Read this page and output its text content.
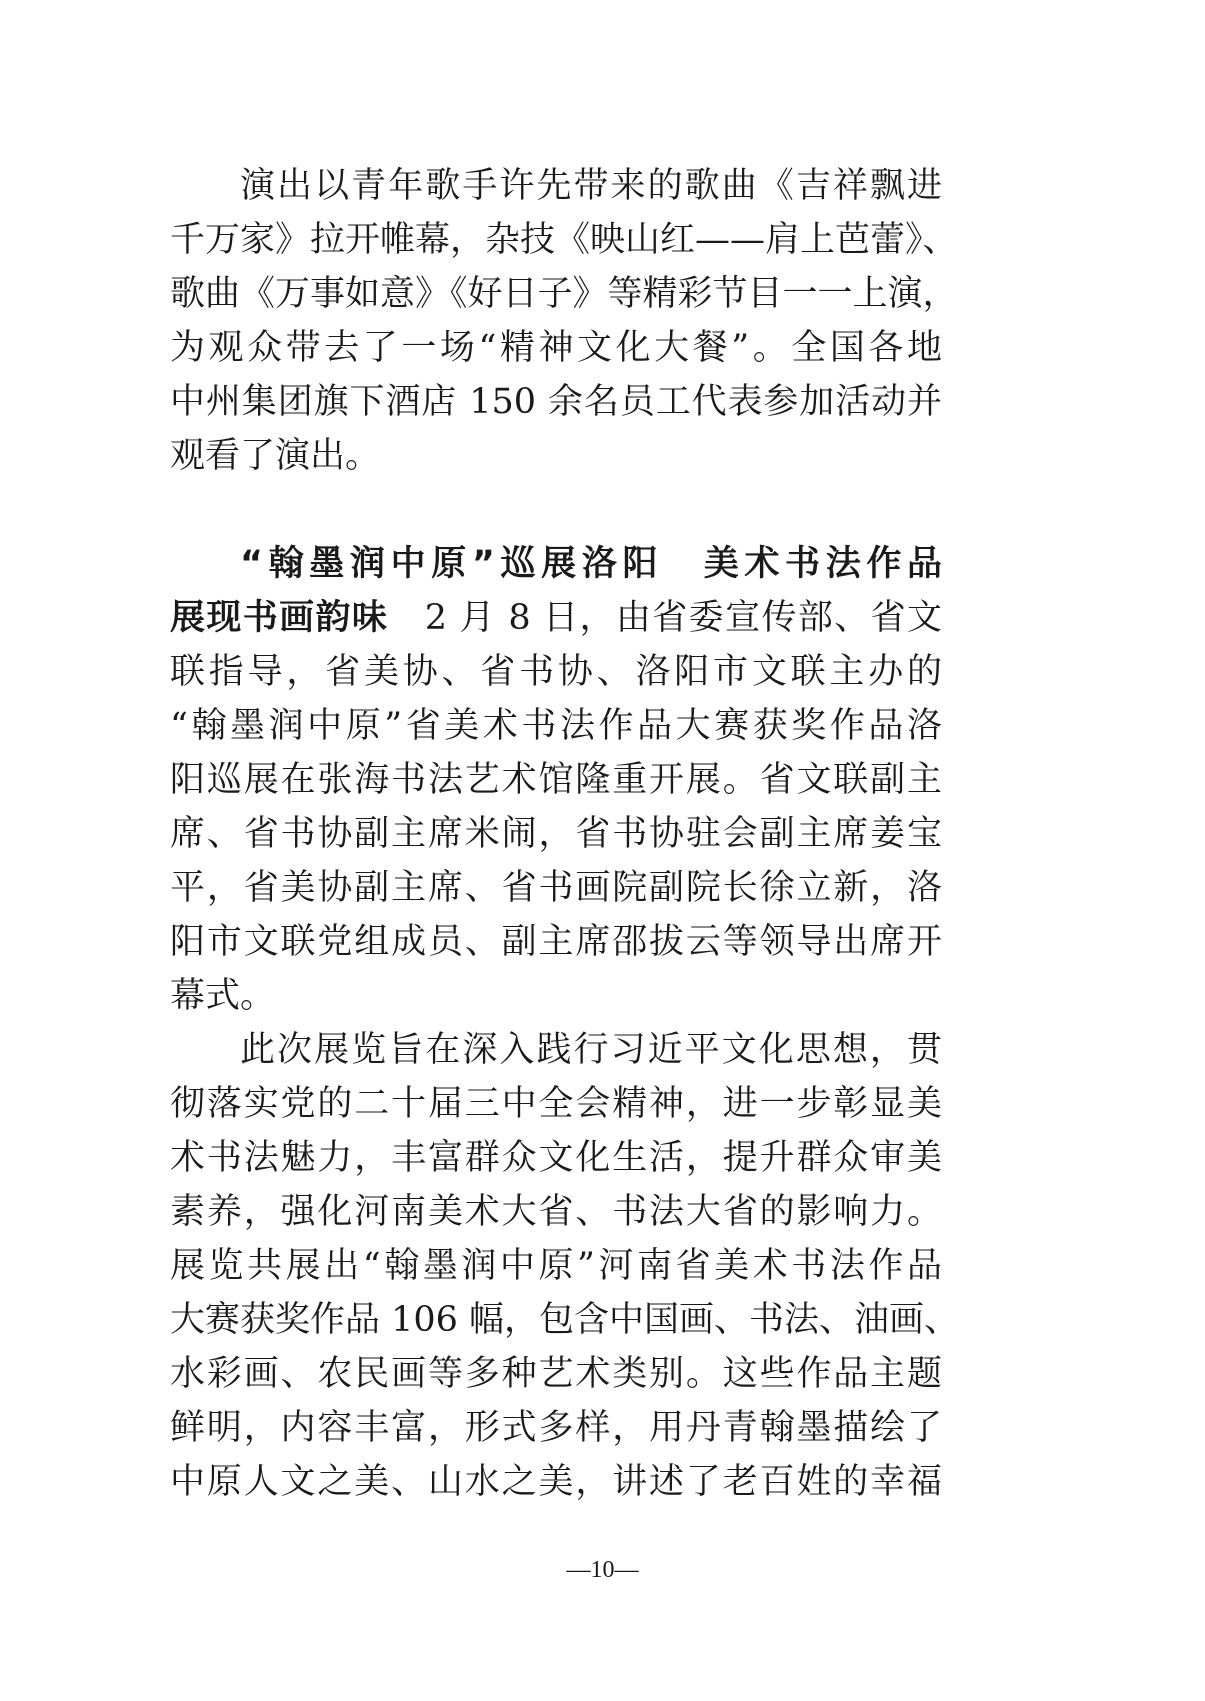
演出以青年歌手许先带来的歌曲《吉祥飘进
千万家》拉开帷幕，杂技《映山红——肩上芭蕾》、
歌曲《万事如意》《好日子》等精彩节目一一上演，
为观众带去了一场“精神文化大餐”。全国各地
中州集团旗下酒店 150 余名员工代表参加活动并
观看了演出。
“翰墨润中原”巡展洛阳　美术书法作品
展现书画韵味　2 月 8 日，由省委宣传部、省文
联指导，省美协、省书协、洛阳市文联主办的
“翰墨润中原”省美术书法作品大赛获奖作品洛
阳巡展在张海书法艺术馆隆重开展。省文联副主
席、省书协副主席米闹，省书协驻会副主席姜宝
平，省美协副主席、省书画院副院长徐立新，洛
阳市文联党组成员、副主席邵拔云等领导出席开
幕式。
此次展览旨在深入践行习近平文化思想，贯
彻落实党的二十届三中全会精神，进一步彰显美
术书法魅力，丰富群众文化生活，提升群众审美
素养，强化河南美术大省、书法大省的影响力。
展览共展出“翰墨润中原”河南省美术书法作品
大赛获奖作品 106 幅，包含中国画、书法、油画、
水彩画、农民画等多种艺术类别。这些作品主题
鲜明，内容丰富，形式多样，用丹青翰墨描绘了
中原人文之美、山水之美，讲述了老百姓的幸福
—10—
